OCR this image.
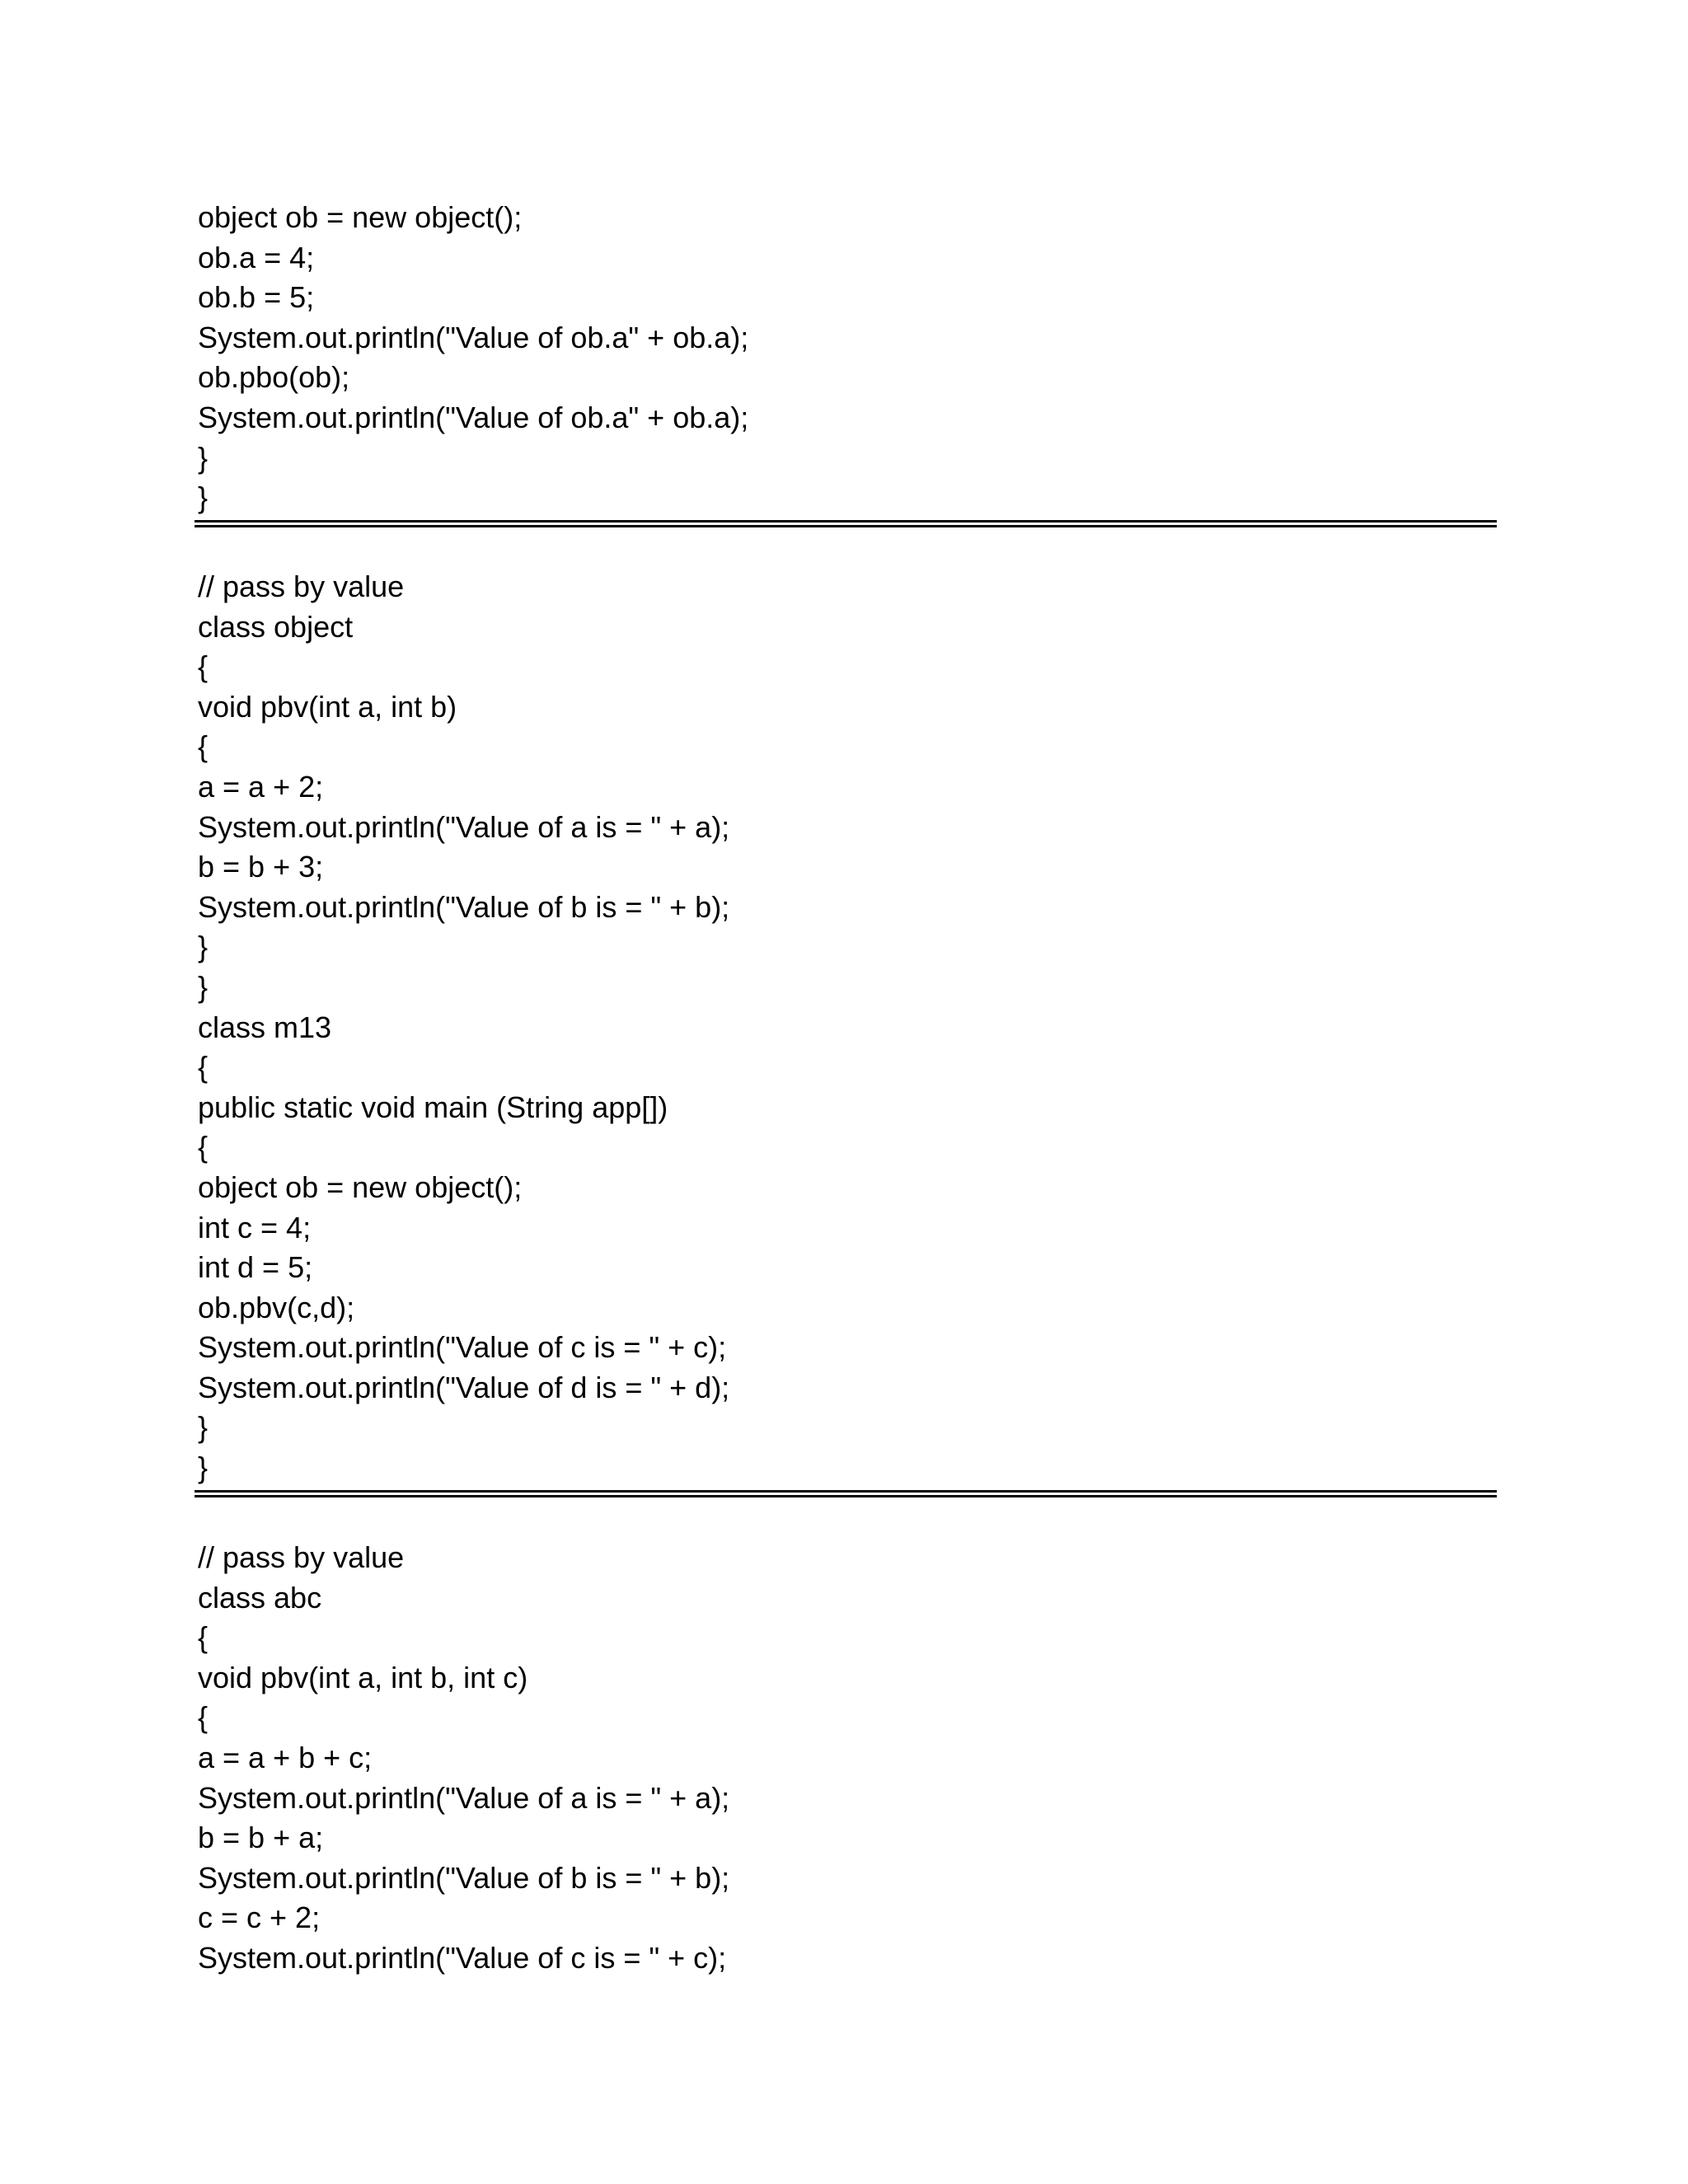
object ob = new object();
ob.a = 4;
ob.b = 5;
System.out.println("Value of ob.a" + ob.a);
ob.pbo(ob);
System.out.println("Value of ob.a" + ob.a);
}
}
// pass by value
class object
{
void pbv(int a, int b)
{
a = a + 2;
System.out.println("Value of a is = " + a);
b = b + 3;
System.out.println("Value of b is = " + b);
}
}
class m13
{
public static void main (String app[])
{
object ob = new object();
int c = 4;
int d = 5;
ob.pbv(c,d);
System.out.println("Value of c is = " + c);
System.out.println("Value of d is = " + d);
}
}
// pass by value
class abc
{
void pbv(int a, int b, int c)
{
a = a + b + c;
System.out.println("Value of a is = " + a);
b = b + a;
System.out.println("Value of b is = " + b);
c = c + 2;
System.out.println("Value of c is = " + c);
